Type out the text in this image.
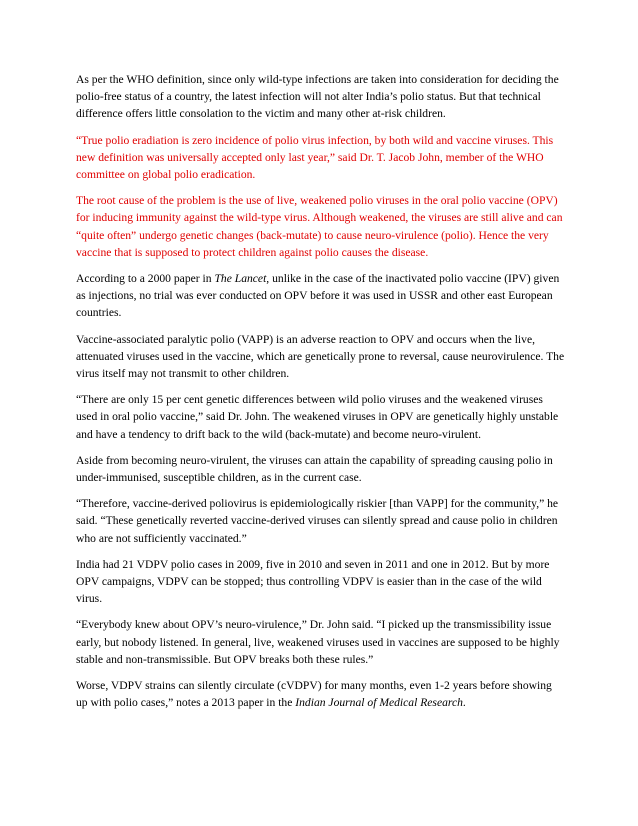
As per the WHO definition, since only wild-type infections are taken into consideration for deciding the polio-free status of a country, the latest infection will not alter India’s polio status. But that technical difference offers little consolation to the victim and many other at-risk children.

“True polio eradiation is zero incidence of polio virus infection, by both wild and vaccine viruses. This new definition was universally accepted only last year,” said Dr. T. Jacob John, member of the WHO committee on global polio eradication.

The root cause of the problem is the use of live, weakened polio viruses in the oral polio vaccine (OPV) for inducing immunity against the wild-type virus. Although weakened, the viruses are still alive and can “quite often” undergo genetic changes (back-mutate) to cause neuro-virulence (polio). Hence the very vaccine that is supposed to protect children against polio causes the disease.

According to a 2000 paper in The Lancet, unlike in the case of the inactivated polio vaccine (IPV) given as injections, no trial was ever conducted on OPV before it was used in USSR and other east European countries.

Vaccine-associated paralytic polio (VAPP) is an adverse reaction to OPV and occurs when the live, attenuated viruses used in the vaccine, which are genetically prone to reversal, cause neurovirulence. The virus itself may not transmit to other children.

“There are only 15 per cent genetic differences between wild polio viruses and the weakened viruses used in oral polio vaccine,” said Dr. John. The weakened viruses in OPV are genetically highly unstable and have a tendency to drift back to the wild (back-mutate) and become neuro-virulent.

Aside from becoming neuro-virulent, the viruses can attain the capability of spreading causing polio in under-immunised, susceptible children, as in the current case.

“Therefore, vaccine-derived poliovirus is epidemiologically riskier [than VAPP] for the community,” he said. “These genetically reverted vaccine-derived viruses can silently spread and cause polio in children who are not sufficiently vaccinated.”

India had 21 VDPV polio cases in 2009, five in 2010 and seven in 2011 and one in 2012. But by more OPV campaigns, VDPV can be stopped; thus controlling VDPV is easier than in the case of the wild virus.

“Everybody knew about OPV’s neuro-virulence,” Dr. John said. “I picked up the transmissibility issue early, but nobody listened. In general, live, weakened viruses used in vaccines are supposed to be highly stable and non-transmissible. But OPV breaks both these rules.”

Worse, VDPV strains can silently circulate (cVDPV) for many months, even 1-2 years before showing up with polio cases,” notes a 2013 paper in the Indian Journal of Medical Research.
